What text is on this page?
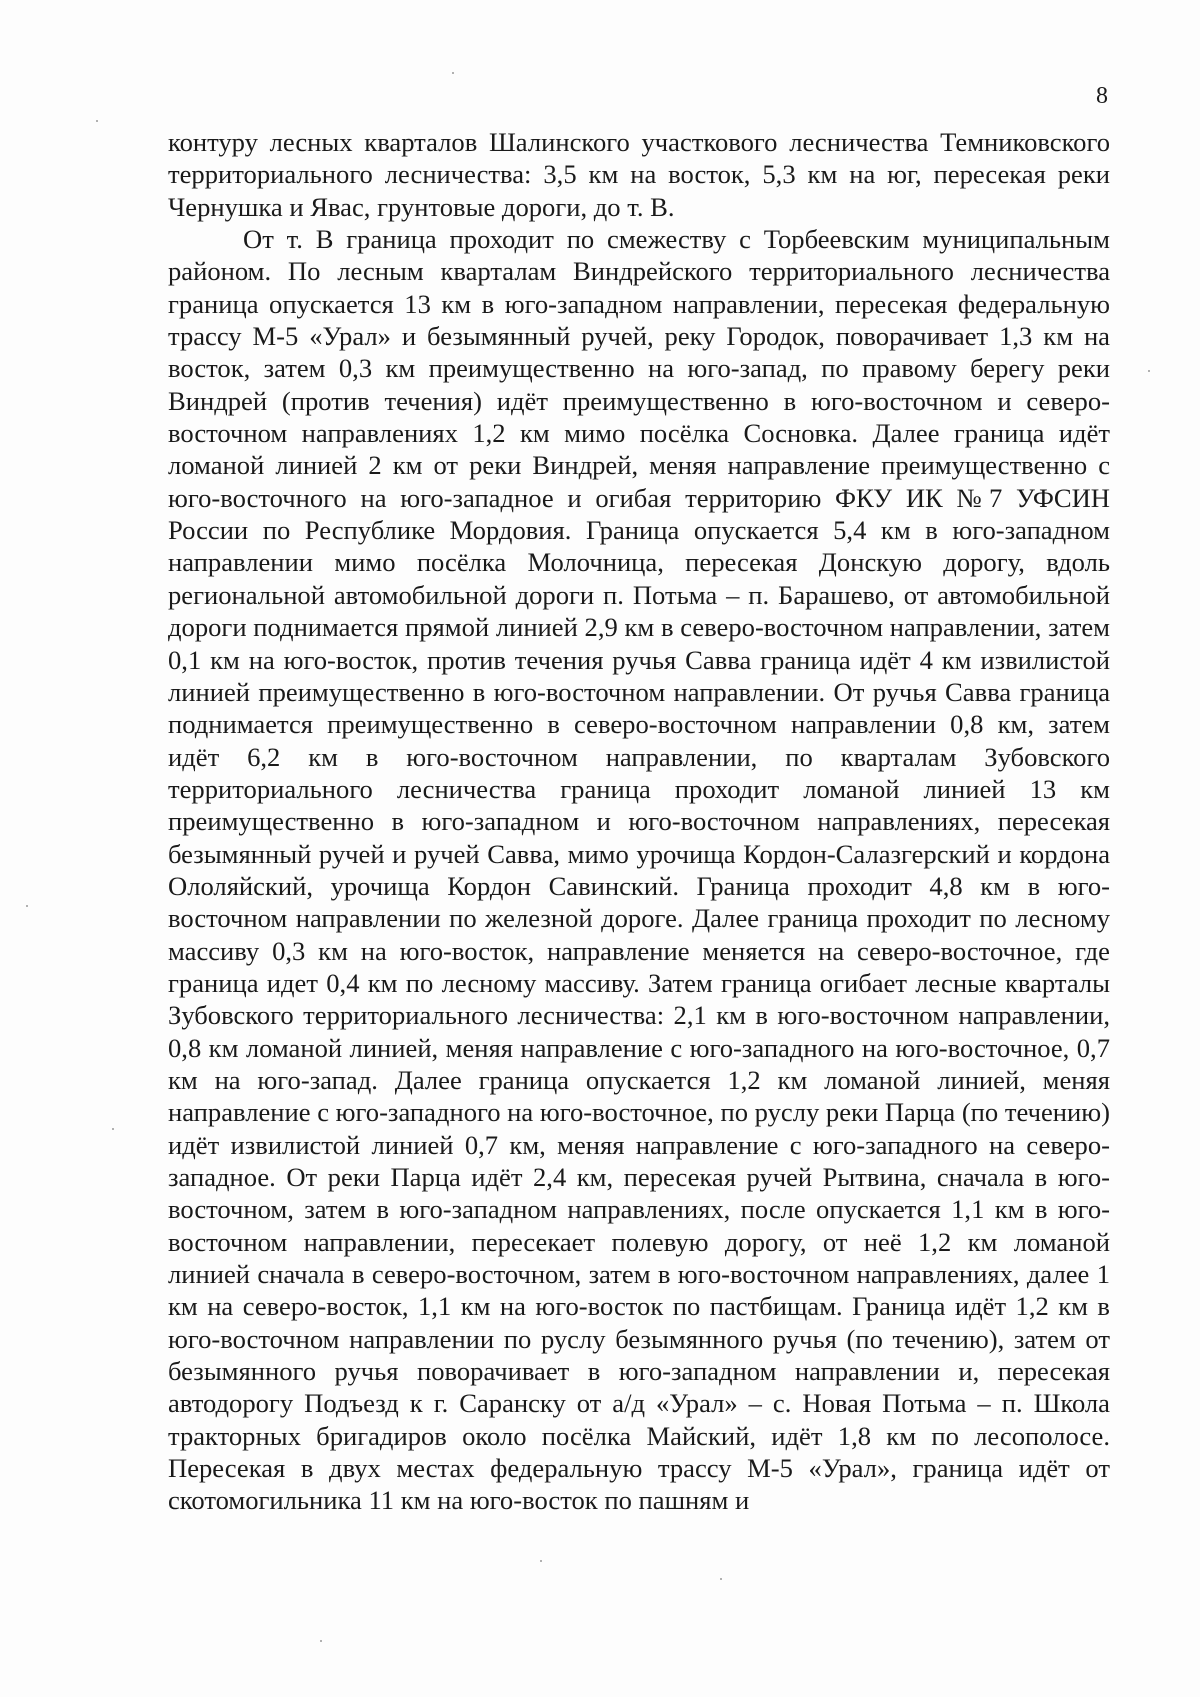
8

контуру лесных кварталов Шалинского участкового лесничества Темниковского территориального лесничества: 3,5 км на восток, 5,3 км на юг, пересекая реки Чернушка и Явас, грунтовые дороги, до т. В.

От т. В граница проходит по смежеству с Торбеевским муниципальным районом. По лесным кварталам Виндрейского территориального лесничества граница опускается 13 км в юго-западном направлении, пересекая федеральную трассу М-5 «Урал» и безымянный ручей, реку Городок, поворачивает 1,3 км на восток, затем 0,3 км преимущественно на юго-запад, по правому берегу реки Виндрей (против течения) идёт преимущественно в юго-восточном и северо-восточном направлениях 1,2 км мимо посёлка Сосновка. Далее граница идёт ломаной линией 2 км от реки Виндрей, меняя направление преимущественно с юго-восточного на юго-западное и огибая территорию ФКУ ИК №7 УФСИН России по Республике Мордовия. Граница опускается 5,4 км в юго-западном направлении мимо посёлка Молочница, пересекая Донскую дорогу, вдоль региональной автомобильной дороги п. Потьма – п. Барашево, от автомобильной дороги поднимается прямой линией 2,9 км в северо-восточном направлении, затем 0,1 км на юго-восток, против течения ручья Савва граница идёт 4 км извилистой линией преимущественно в юго-восточном направлении. От ручья Савва граница поднимается преимущественно в северо-восточном направлении 0,8 км, затем идёт 6,2 км в юго-восточном направлении, по кварталам Зубовского территориального лесничества граница проходит ломаной линией 13 км преимущественно в юго-западном и юго-восточном направлениях, пересекая безымянный ручей и ручей Савва, мимо урочища Кордон-Салазгерский и кордона Ололяйский, урочища Кордон Савинский. Граница проходит 4,8 км в юго-восточном направлении по железной дороге. Далее граница проходит по лесному массиву 0,3 км на юго-восток, направление меняется на северо-восточное, где граница идет 0,4 км по лесному массиву. Затем граница огибает лесные кварталы Зубовского территориального лесничества: 2,1 км в юго-восточном направлении, 0,8 км ломаной линией, меняя направление с юго-западного на юго-восточное, 0,7 км на юго-запад. Далее граница опускается 1,2 км ломаной линией, меняя направление с юго-западного на юго-восточное, по руслу реки Парца (по течению) идёт извилистой линией 0,7 км, меняя направление с юго-западного на северо-западное. От реки Парца идёт 2,4 км, пересекая ручей Рытвина, сначала в юго-восточном, затем в юго-западном направлениях, после опускается 1,1 км в юго-восточном направлении, пересекает полевую дорогу, от неё 1,2 км ломаной линией сначала в северо-восточном, затем в юго-восточном направлениях, далее 1 км на северо-восток, 1,1 км на юго-восток по пастбищам. Граница идёт 1,2 км в юго-восточном направлении по руслу безымянного ручья (по течению), затем от безымянного ручья поворачивает в юго-западном направлении и, пересекая автодорогу Подъезд к г. Саранску от а/д «Урал» – с. Новая Потьма – п. Школа тракторных бригадиров около посёлка Майский, идёт 1,8 км по лесополосе. Пересекая в двух местах федеральную трассу М-5 «Урал», граница идёт от скотомогильника 11 км на юго-восток по пашням и
